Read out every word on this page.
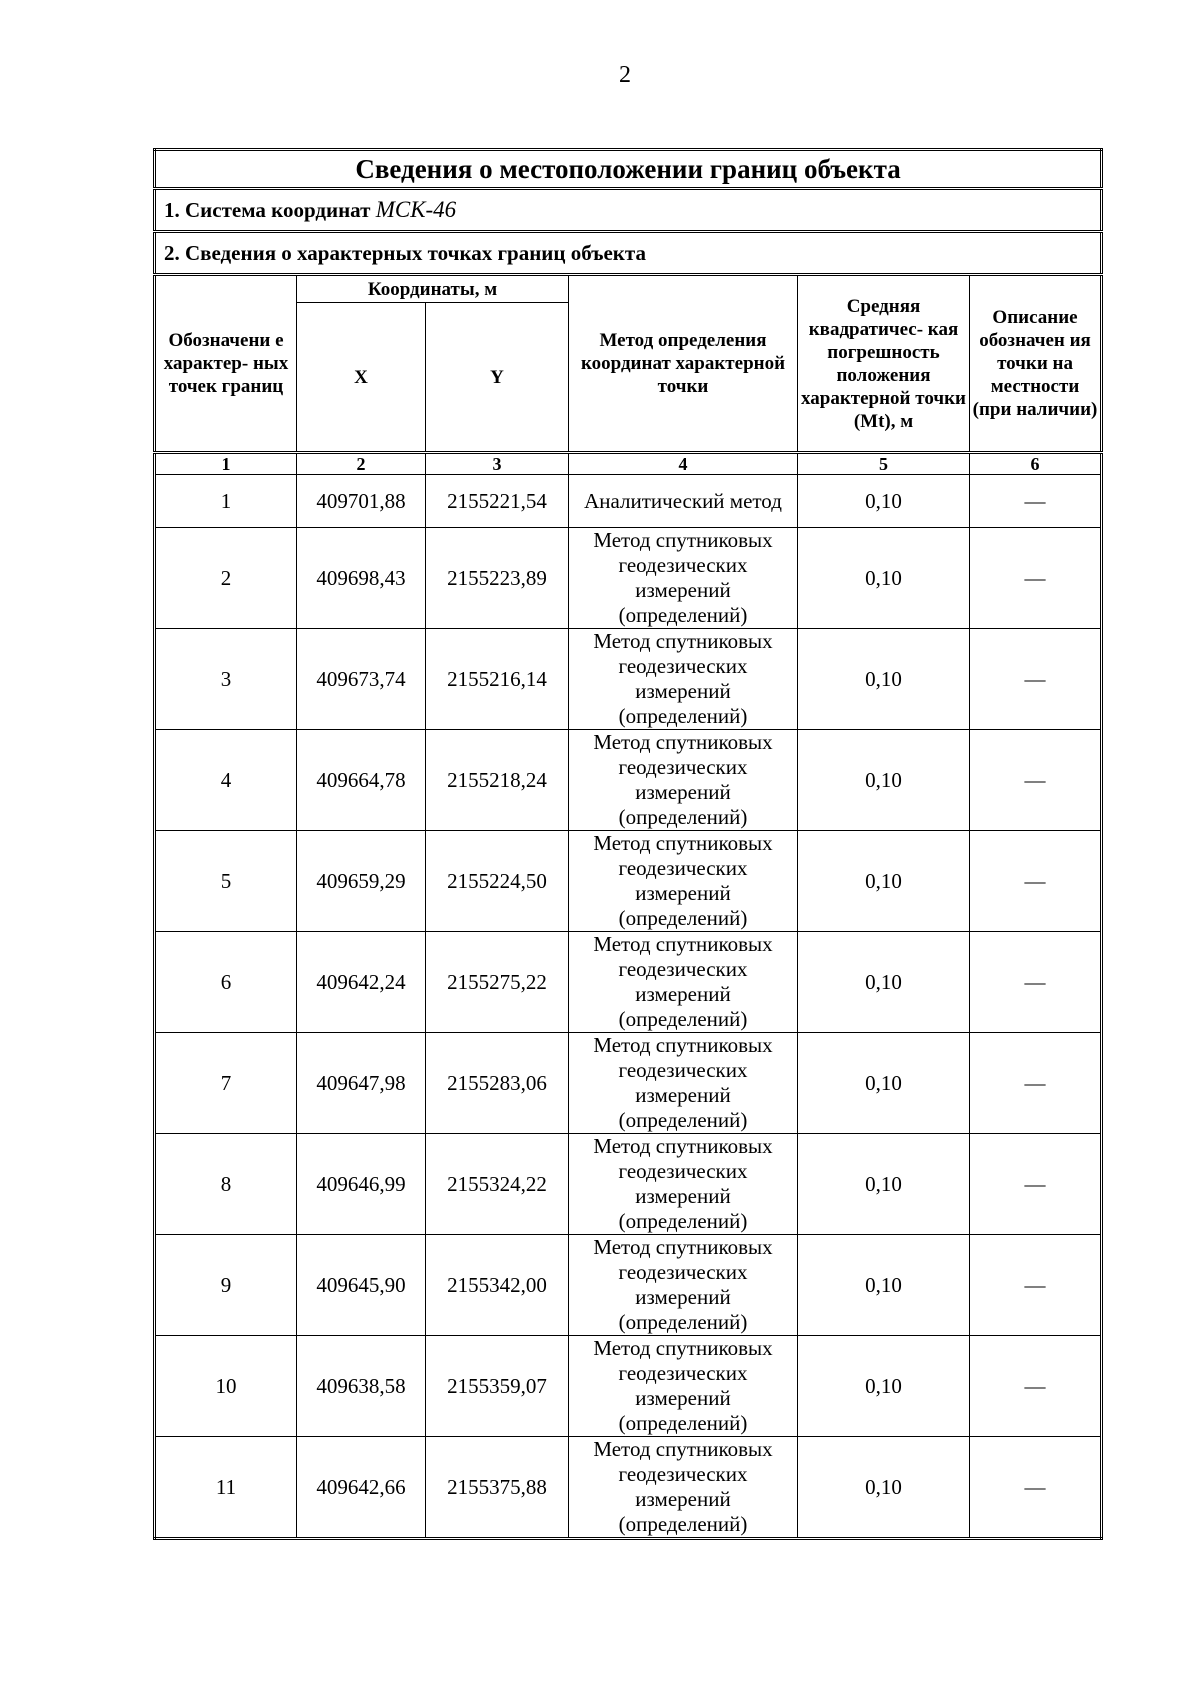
2
Сведения о местоположении границ объекта					
1. Система координат МСК-46					
2. Сведения о характерных точках границ объекта					
Обозначени е характер- ных точек границ	Координаты, м		Метод определения координат характерной точки	Средняя квадратичес- кая погрешность положения характерной точки (Mt), м	Описание обозначен ия точки на местности (при наличии)
	X	Y			
1	2	3	4	5	6
1	409701,88	2155221,54	Аналитический метод	0,10	—
2	409698,43	2155223,89	Метод спутниковых геодезических измерений (определений)	0,10	—
3	409673,74	2155216,14	Метод спутниковых геодезических измерений (определений)	0,10	—
4	409664,78	2155218,24	Метод спутниковых геодезических измерений (определений)	0,10	—
5	409659,29	2155224,50	Метод спутниковых геодезических измерений (определений)	0,10	—
6	409642,24	2155275,22	Метод спутниковых геодезических измерений (определений)	0,10	—
7	409647,98	2155283,06	Метод спутниковых геодезических измерений (определений)	0,10	—
8	409646,99	2155324,22	Метод спутниковых геодезических измерений (определений)	0,10	—
9	409645,90	2155342,00	Метод спутниковых геодезических измерений (определений)	0,10	—
10	409638,58	2155359,07	Метод спутниковых геодезических измерений (определений)	0,10	—
11	409642,66	2155375,88	Метод спутниковых геодезических измерений (определений)	0,10	—
